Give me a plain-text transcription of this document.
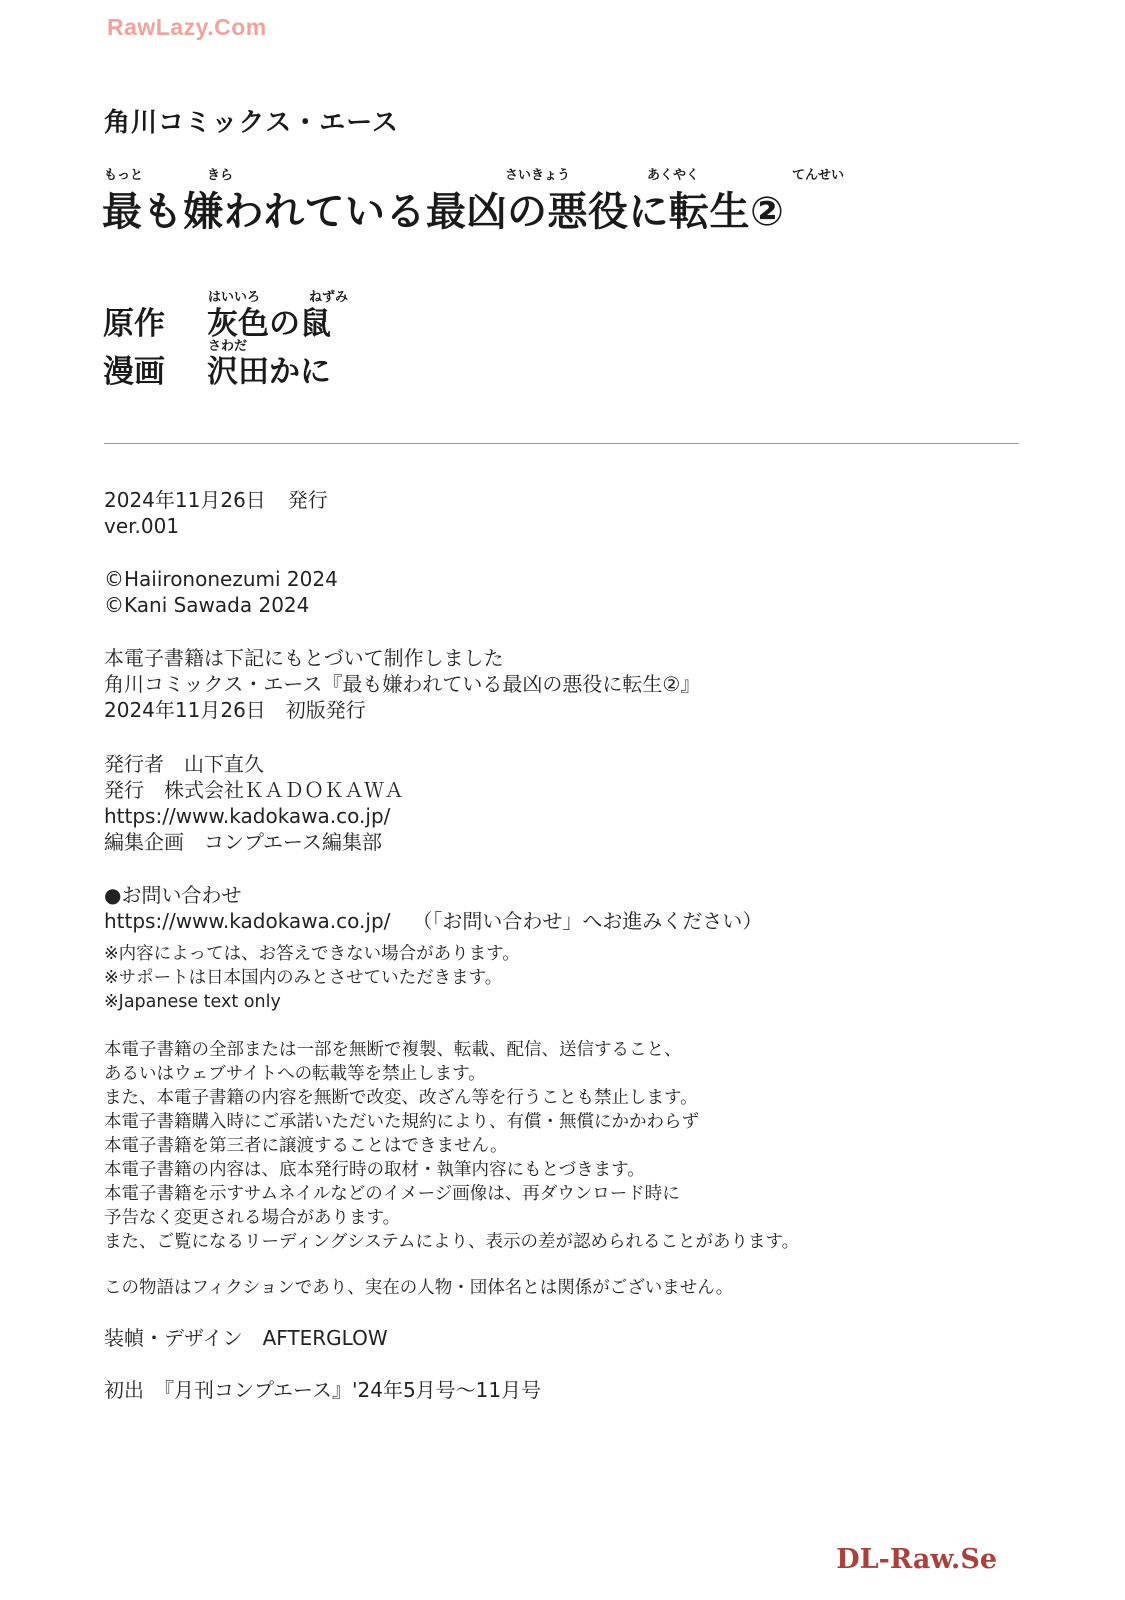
RawLazy.Com
DL-Raw.Se
角川コミックス・エース
もっと	きら	さいきょう	あくやく	てんせい
最も嫌われている最凶の悪役に転生②
はいいろ	ねずみ
さわだ
原作 灰色の鼠
漫画 沢田かに
2024年11月26日 発行
ver.001
©Haiirononezumi 2024
©Kani Sawada 2024
本電子書籍は下記にもとづいて制作しました
角川コミックス・エース『最も嫌われている最凶の悪役に転生②』
2024年11月26日　初版発行
発行者　山下直久
発行　株式会社ＫＡＤＯＫＡＷＡ
https://www.kadokawa.co.jp/
編集企画　コンプエース編集部
●お問い合わせ
https://www.kadokawa.co.jp/ （「お問い合わせ」へお進みください）
※内容によっては、お答えできない場合があります。
※サポートは日本国内のみとさせていただきます。
※Japanese text only
本電子書籍の全部または一部を無断で複製、転載、配信、送信すること、
あるいはウェブサイトへの転載等を禁止します。
また、本電子書籍の内容を無断で改変、改ざん等を行うことも禁止します。
本電子書籍購入時にご承諾いただいた規約により、有償・無償にかかわらず
本電子書籍を第三者に譲渡することはできません。
本電子書籍の内容は、底本発行時の取材・執筆内容にもとづきます。
本電子書籍を示すサムネイルなどのイメージ画像は、再ダウンロード時に
予告なく変更される場合があります。
また、ご覧になるリーディングシステムにより、表示の差が認められることがあります。
この物語はフィクションであり、実在の人物・団体名とは関係がございません。
装幀・デザイン　AFTERGLOW
初出　『月刊コンプエース』'24年5月号〜11月号
